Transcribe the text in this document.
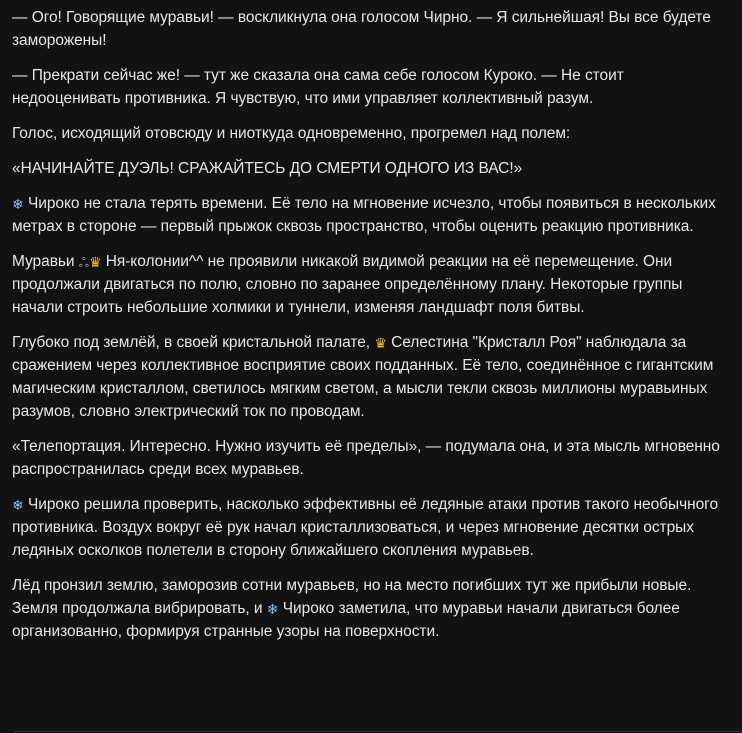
— Ого! Говорящие муравьи! — воскликнула она голосом Чирно. — Я сильнейшая! Вы все будете заморожены!

— Прекрати сейчас же! — тут же сказала она сама себе голосом Куроко. — Не стоит недооценивать противника. Я чувствую, что ими управляет коллективный разум.

Голос, исходящий отовсюду и ниоткуда одновременно, прогремел над полем:

«НАЧИНАЙТЕ ДУЭЛЬ! СРАЖАЙТЕСЬ ДО СМЕРТИ ОДНОГО ИЗ ВАС!»

❄ Чироко не стала терять времени. Её тело на мгновение исчезло, чтобы появиться в нескольких метрах в стороне — первый прыжок сквозь пространство, чтобы оценить реакцию противника.

Муравьи ஃ♛ Ня-колонии^^ не проявили никакой видимой реакции на её перемещение. Они продолжали двигаться по полю, словно по заранее определённому плану. Некоторые группы начали строить небольшие холмики и туннели, изменяя ландшафт поля битвы.

Глубоко под землёй, в своей кристальной палате, ♛ Селестина "Кристалл Роя" наблюдала за сражением через коллективное восприятие своих подданных. Её тело, соединённое с гигантским магическим кристаллом, светилось мягким светом, а мысли текли сквозь миллионы муравьиных разумов, словно электрический ток по проводам.

«Телепортация. Интересно. Нужно изучить её пределы», — подумала она, и эта мысль мгновенно распространилась среди всех муравьев.

❄ Чироко решила проверить, насколько эффективны её ледяные атаки против такого необычного противника. Воздух вокруг её рук начал кристаллизоваться, и через мгновение десятки острых ледяных осколков полетели в сторону ближайшего скопления муравьев.

Лёд пронзил землю, заморозив сотни муравьев, но на место погибших тут же прибыли новые. Земля продолжала вибрировать, и ❄ Чироко заметила, что муравьи начали двигаться более организованно, формируя странные узоры на поверхности.
